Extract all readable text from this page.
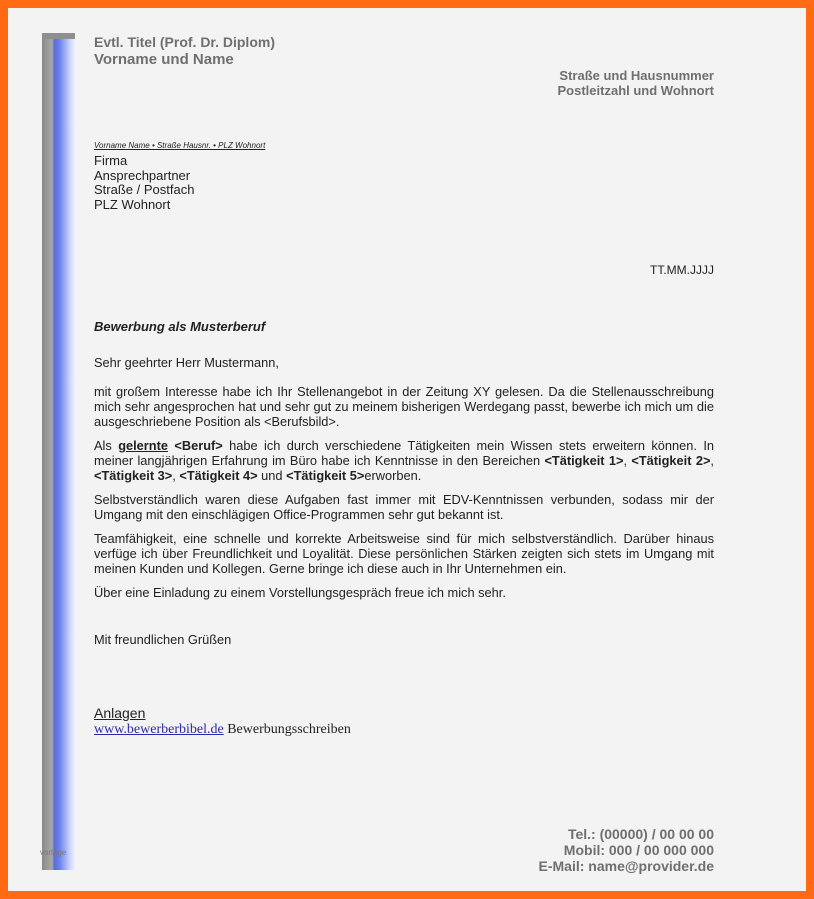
vorlage
Evtl. Titel (Prof. Dr. Diplom)
Vorname und Name
Straße und Hausnummer
Postleitzahl und Wohnort
Vorname Name • Straße Hausnr. • PLZ Wohnort
Firma
Ansprechpartner
Straße / Postfach
PLZ Wohnort
TT.MM.JJJJ
Bewerbung als Musterberuf

Sehr geehrter Herr Mustermann,

mit großem Interesse habe ich Ihr Stellenangebot in der Zeitung XY gelesen. Da die Stellenausschreibung mich sehr angesprochen hat und sehr gut zu meinem bisherigen Werdegang passt, bewerbe ich mich um die ausgeschriebene Position als <Berufsbild>.

Als gelernte <Beruf> habe ich durch verschiedene Tätigkeiten mein Wissen stets erweitern können. In meiner langjährigen Erfahrung im Büro habe ich Kenntnisse in den Bereichen <Tätigkeit 1>, <Tätigkeit 2>, <Tätigkeit 3>, <Tätigkeit 4> und <Tätigkeit 5>erworben.

Selbstverständlich waren diese Aufgaben fast immer mit EDV-Kenntnissen verbunden, sodass mir der Umgang mit den einschlägigen Office-Programmen sehr gut bekannt ist.

Teamfähigkeit, eine schnelle und korrekte Arbeitsweise sind für mich selbstverständlich. Darüber hinaus verfüge ich über Freundlichkeit und Loyalität. Diese persönlichen Stärken zeigten sich stets im Umgang mit meinen Kunden und Kollegen. Gerne bringe ich diese auch in Ihr Unternehmen ein.

Über eine Einladung zu einem Vorstellungsgespräch freue ich mich sehr.

Mit freundlichen Grüßen
Anlagen
www.bewerberbibel.de Bewerbungsschreiben
Tel.: (00000) / 00 00 00
Mobil: 000 / 00 000 000
E-Mail: name@provider.de
